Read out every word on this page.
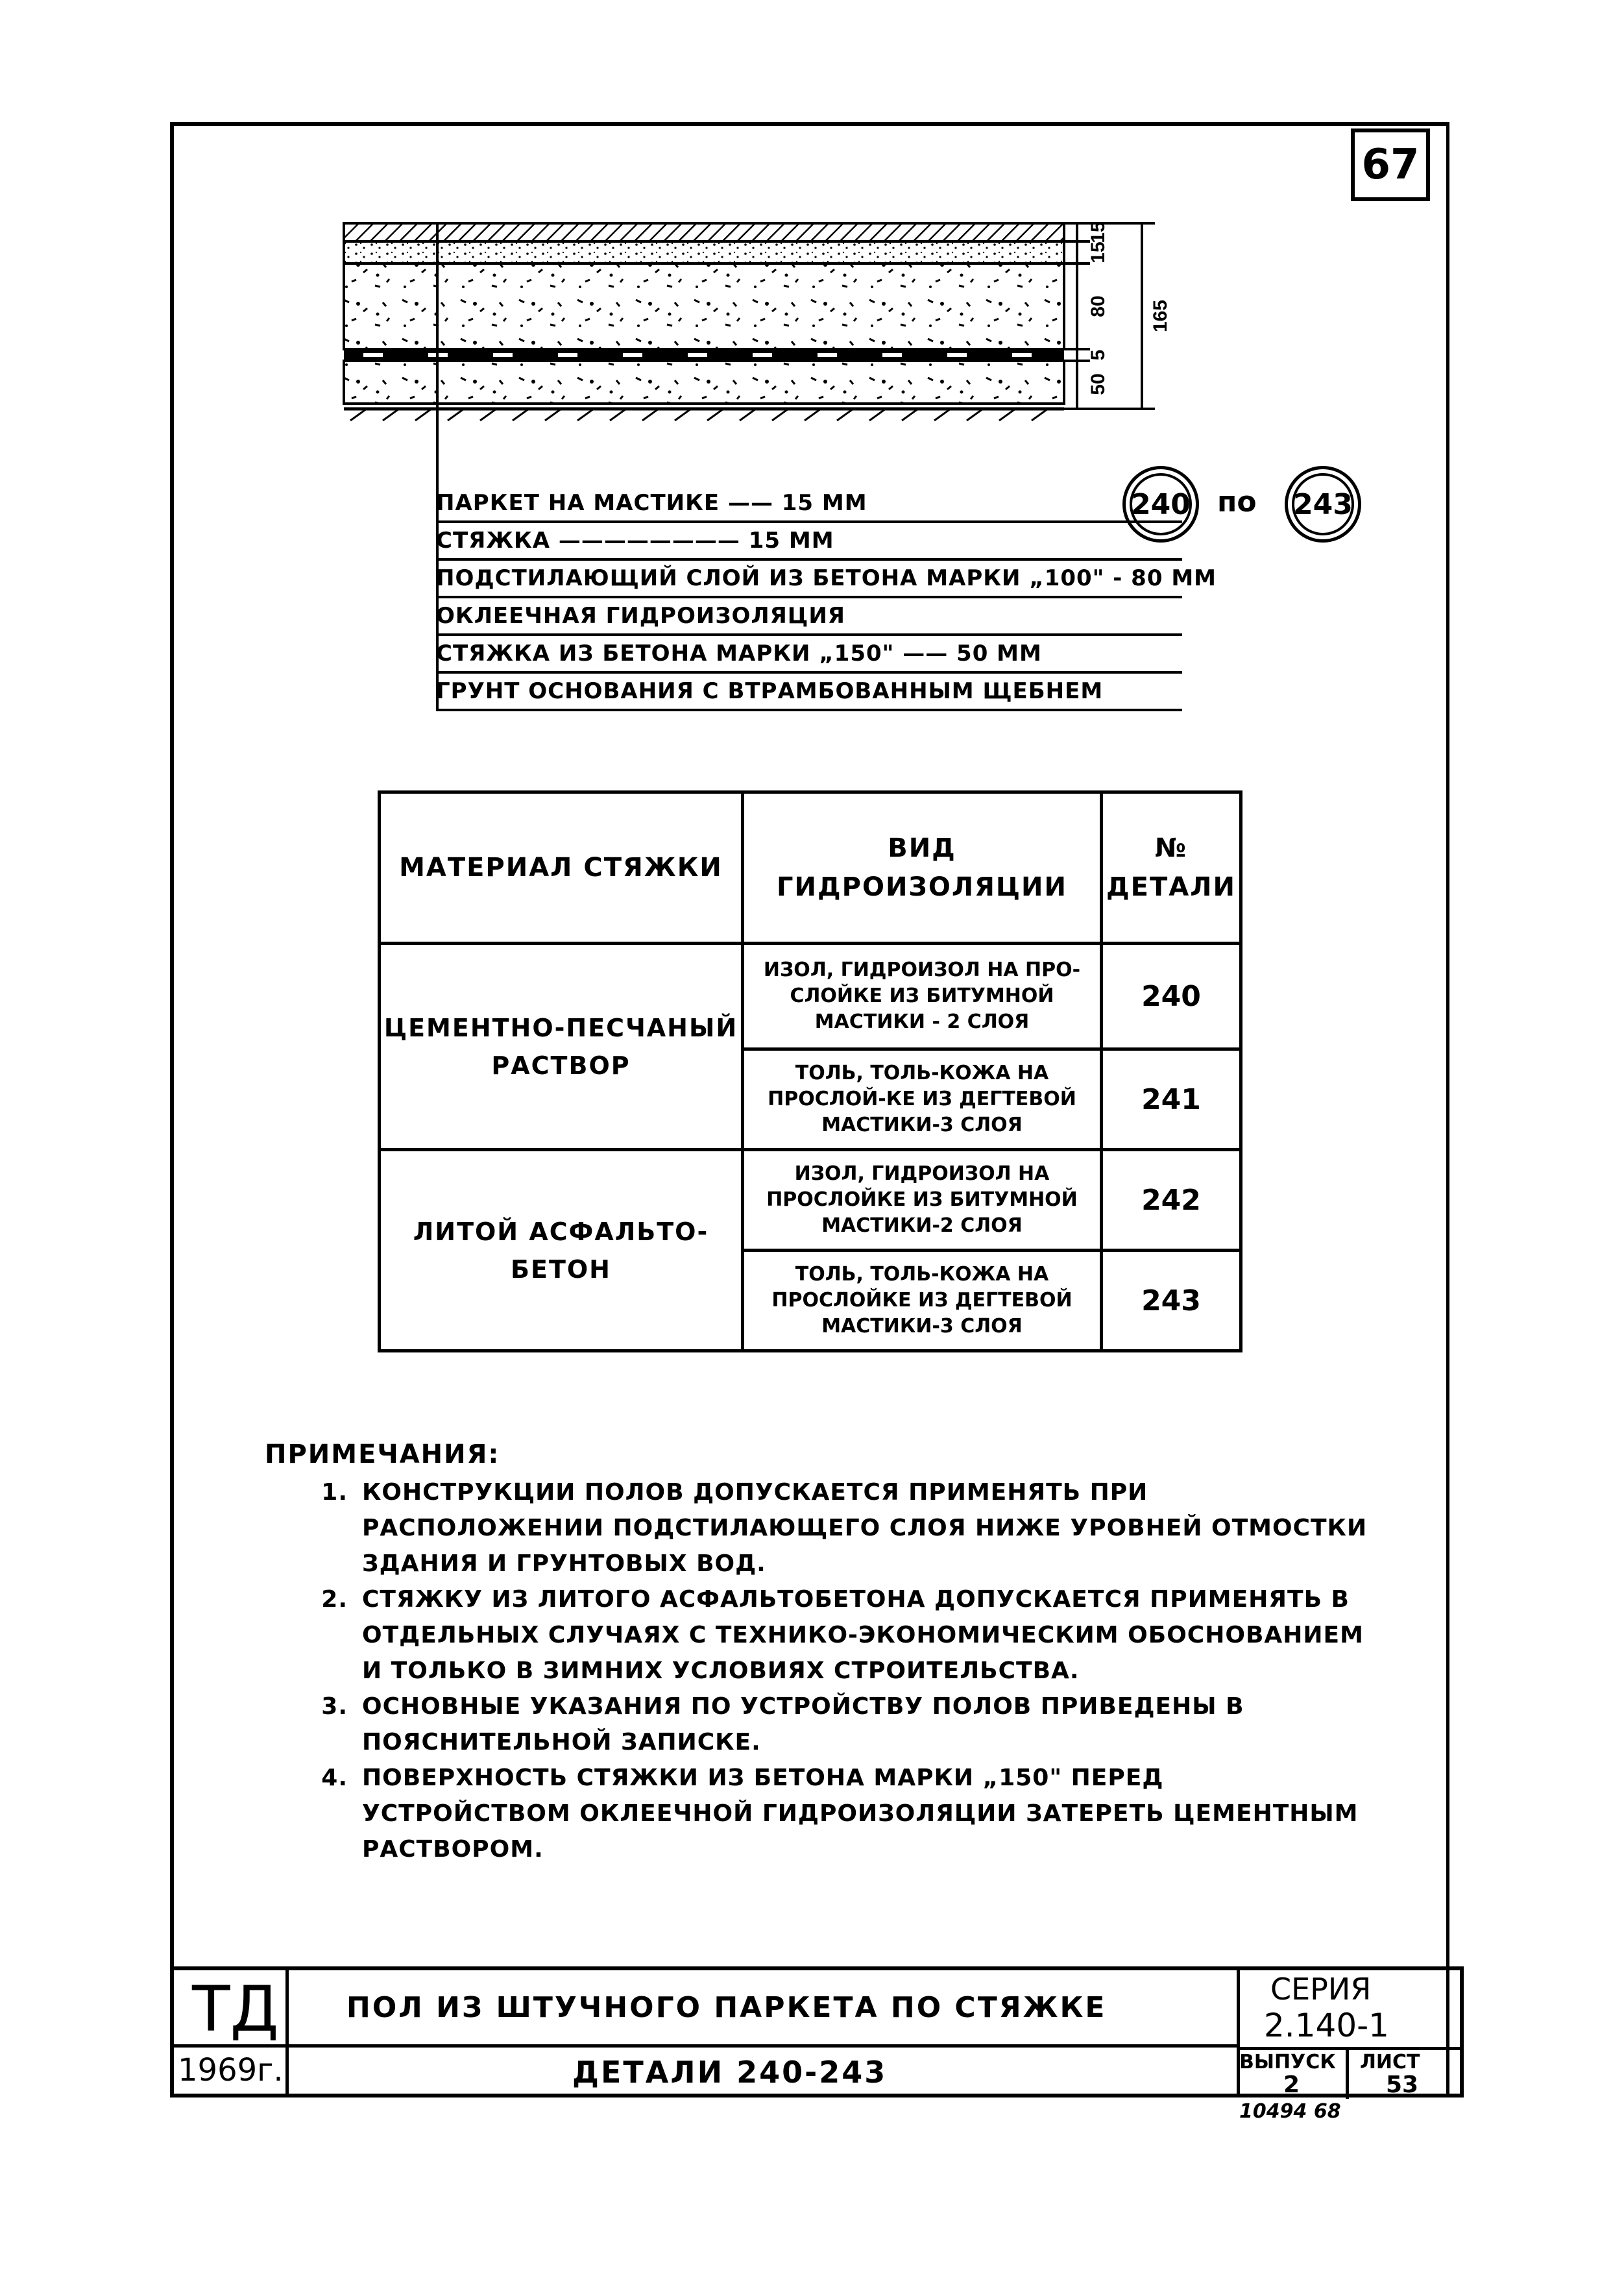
67
15
15
80
5
50
165
ПАРКЕТ НА МАСТИКЕ —— 15 ММ
СТЯЖКА ———————— 15 ММ
ПОДСТИЛАЮЩИЙ СЛОЙ ИЗ БЕТОНА МАРКИ „100" - 80 ММ
ОКЛЕЕЧНАЯ ГИДРОИЗОЛЯЦИЯ
СТЯЖКА ИЗ БЕТОНА МАРКИ „150" —— 50 ММ
ГРУНТ ОСНОВАНИЯ С ВТРАМБОВАННЫМ ЩЕБНЕМ
240 по 243
МАТЕРИАЛ СТЯЖКИ	ВИД ГИДРОИЗОЛЯЦИИ	№ ДЕТАЛИ
ЦЕМЕНТНО-ПЕСЧАНЫЙ РАСТВОР	ИЗОЛ, ГИДРОИЗОЛ НА ПРО-СЛОЙКЕ ИЗ БИТУМНОЙ МАСТИКИ - 2 СЛОЯ	240
	ТОЛЬ, ТОЛЬ-КОЖА НА ПРОСЛОЙ-КЕ ИЗ ДЕГТЕВОЙ МАСТИКИ-3 СЛОЯ	241
ЛИТОЙ АСФАЛЬТО-БЕТОН	ИЗОЛ, ГИДРОИЗОЛ НА ПРОСЛОЙКЕ ИЗ БИТУМНОЙ МАСТИКИ-2 СЛОЯ	242
	ТОЛЬ, ТОЛЬ-КОЖА НА ПРОСЛОЙКЕ ИЗ ДЕГТЕВОЙ МАСТИКИ-3 СЛОЯ	243
ПРИМЕЧАНИЯ:
1. КОНСТРУКЦИИ ПОЛОВ ДОПУСКАЕТСЯ ПРИМЕНЯТЬ ПРИ РАСПОЛОЖЕНИИ ПОДСТИЛАЮЩЕГО СЛОЯ НИЖЕ УРОВНЕЙ ОТМОСТКИ ЗДАНИЯ И ГРУНТОВЫХ ВОД.
2. СТЯЖКУ ИЗ ЛИТОГО АСФАЛЬТОБЕТОНА ДОПУСКАЕТСЯ ПРИМЕНЯТЬ В ОТДЕЛЬНЫХ СЛУЧАЯХ С ТЕХНИКО-ЭКОНОМИЧЕСКИМ ОБОСНОВАНИЕМ И ТОЛЬКО В ЗИМНИХ УСЛОВИЯХ СТРОИТЕЛЬСТВА.
3. ОСНОВНЫЕ УКАЗАНИЯ ПО УСТРОЙСТВУ ПОЛОВ ПРИВЕДЕНЫ В ПОЯСНИТЕЛЬНОЙ ЗАПИСКЕ.
4. ПОВЕРХНОСТЬ СТЯЖКИ ИЗ БЕТОНА МАРКИ „150" ПЕРЕД УСТРОЙСТВОМ ОКЛЕЕЧНОЙ ГИДРОИЗОЛЯЦИИ ЗАТЕРЕТЬ ЦЕМЕНТНЫМ РАСТВОРОМ.
ТД
1969г.
ПОЛ ИЗ ШТУЧНОГО ПАРКЕТА ПО СТЯЖКЕ
ДЕТАЛИ 240-243
СЕРИЯ
2.140-1
ВЫПУСК
2
ЛИСТ
53
10494 68
